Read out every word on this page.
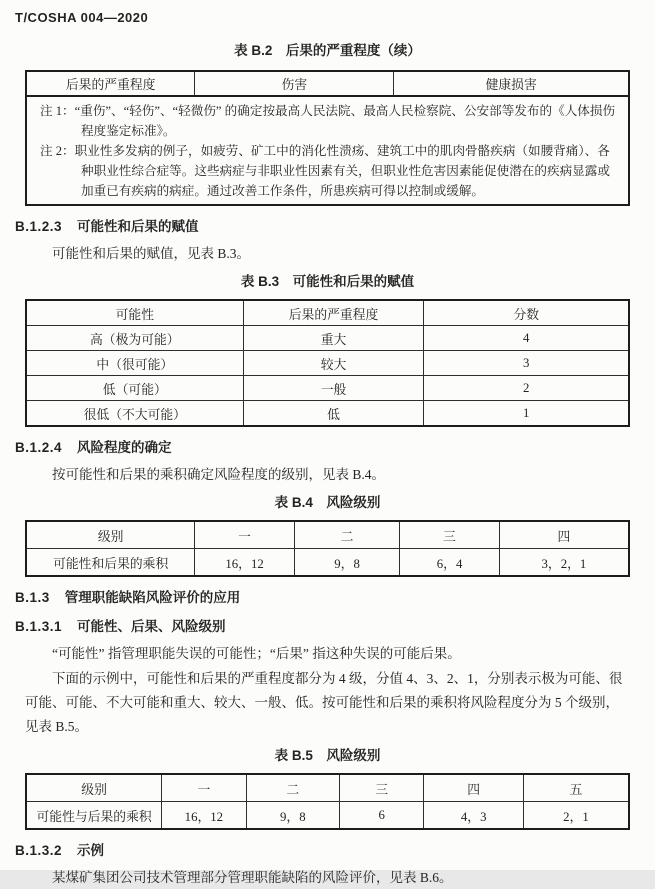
T/COSHA 004—2020
表 B.2　后果的严重程度（续）
后果的严重程度	伤害	健康损害

注 1：“重伤”、“轻伤”、“轻微伤” 的确定按最高人民法院、最高人民检察院、公安部等发布的《人体损伤程度鉴定标准》。
注 2：职业性多发病的例子，如疲劳、矿工中的消化性溃疡、建筑工中的肌肉骨骼疾病（如腰背痛）、各种职业性综合症等。这些病症与非职业性因素有关，但职业性危害因素能促使潜在的疾病显露或加重已有疾病的病症。通过改善工作条件，所患疾病可得以控制或缓解。
B.1.2.3 可能性和后果的赋值
可能性和后果的赋值，见表 B.3。
表 B.3　可能性和后果的赋值
可能性	后果的严重程度	分数
高（极为可能）	重大	4
中（很可能）	较大	3
低（可能）	一般	2
很低（不大可能）	低	1
B.1.2.4 风险程度的确定
按可能性和后果的乘积确定风险程度的级别，见表 B.4。
表 B.4　风险级别
级别	一	二	三	四
可能性和后果的乘积	16，12	9，8	6，4	3，2，1
B.1.3 管理职能缺陷风险评价的应用
B.1.3.1 可能性、后果、风险级别
“可能性” 指管理职能失误的可能性；“后果” 指这种失误的可能后果。
下面的示例中，可能性和后果的严重程度都分为 4 级，分值 4、3、2、1，分别表示极为可能、很可能、可能、不大可能和重大、较大、一般、低。按可能性和后果的乘积将风险程度分为 5 个级别，见表 B.5。
表 B.5　风险级别
级别	一	二	三	四	五
可能性与后果的乘积	16，12	9，8	6	4，3	2，1
B.1.3.2 示例
某煤矿集团公司技术管理部分管理职能缺陷的风险评价，见表 B.6。
